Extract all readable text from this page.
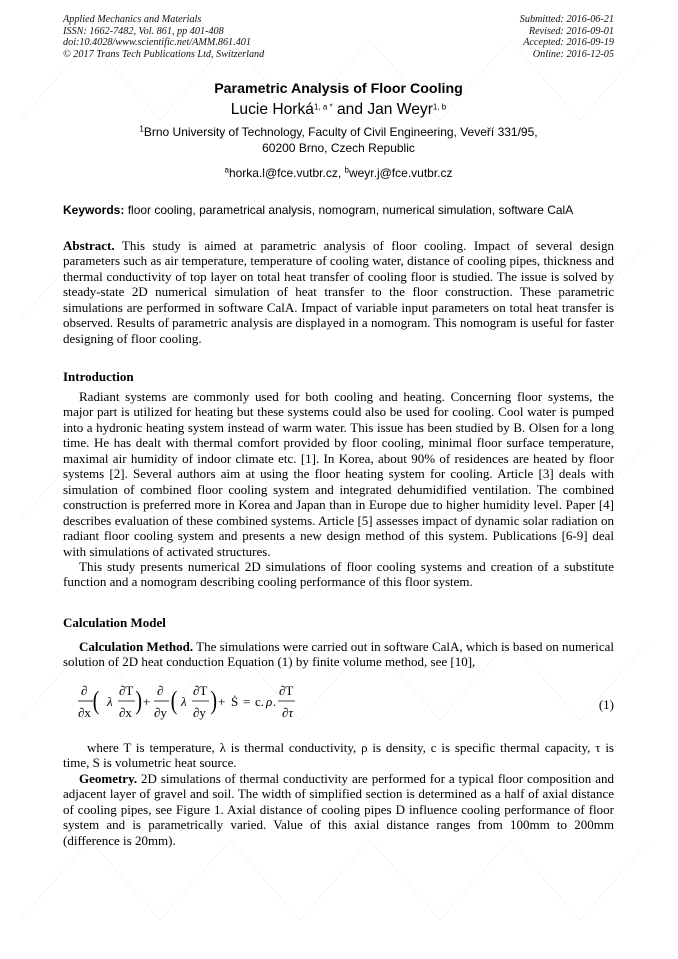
Applied Mechanics and Materials
ISSN: 1662-7482, Vol. 861, pp 401-408
doi:10.4028/www.scientific.net/AMM.861.401
© 2017 Trans Tech Publications Ltd, Switzerland
Submitted: 2016-06-21
Revised: 2016-09-01
Accepted: 2016-09-19
Online: 2016-12-05
Parametric Analysis of Floor Cooling
Lucie Horká$^{1, a *}$ and Jan Weyr$^{1, b}$
$^1$Brno University of Technology, Faculty of Civil Engineering, Veveří 331/95,
60200 Brno, Czech Republic
$^a$horka.l@fce.vutbr.cz, $^b$weyr.j@fce.vutbr.cz
Keywords: floor cooling, parametrical analysis, nomogram, numerical simulation, software CalA

Abstract. This study is aimed at parametric analysis of floor cooling. Impact of several design parameters such as air temperature, temperature of cooling water, distance of cooling pipes, thickness and thermal conductivity of top layer on total heat transfer of cooling floor is studied. The issue is solved by steady-state 2D numerical simulation of heat transfer to the floor construction. These parametric simulations are performed in software CalA. Impact of variable input parameters on total heat transfer is observed. Results of parametric analysis are displayed in a nomogram. This nomogram is useful for faster designing of floor cooling.

Introduction

Radiant systems are commonly used for both cooling and heating. Concerning floor systems, the major part is utilized for heating but these systems could also be used for cooling. Cool water is pumped into a hydronic heating system instead of warm water. This issue has been studied by B. Olsen for a long time. He has dealt with thermal comfort provided by floor cooling, minimal floor surface temperature, maximal air humidity of indoor climate etc. [1]. In Korea, about 90% of residences are heated by floor systems [2]. Several authors aim at using the floor heating system for cooling. Article [3] deals with simulation of combined floor cooling system and integrated dehumidified ventilation. The combined construction is preferred more in Korea and Japan than in Europe due to higher humidity level. Paper [4] describes evaluation of these combined systems. Article [5] assesses impact of dynamic solar radiation on radiant floor cooling system and presents a new design method of this system. Publications [6-9] deal with simulations of activated structures.

This study presents numerical 2D simulations of floor cooling systems and creation of a substitute function and a nomogram describing cooling performance of this floor system.

Calculation Model

Calculation Method. The simulations were carried out in software CalA, which is based on numerical solution of 2D heat conduction Equation (1) by finite volume method, see [10],

∂
∂x ( λ
∂T
∂x ) +
∂
∂y ( λ
∂T
∂y ) + Ṡ = c. ρ .
∂T
∂τ
(1)

where T is temperature, λ is thermal conductivity, ρ is density, c is specific thermal capacity, τ is time, S is volumetric heat source.

Geometry. 2D simulations of thermal conductivity are performed for a typical floor composition and adjacent layer of gravel and soil. The width of simplified section is determined as a half of axial distance of cooling pipes, see Figure 1. Axial distance of cooling pipes D influence cooling performance of floor system and is parametrically varied. Value of this axial distance ranges from 100mm to 200mm (difference is 20mm).
